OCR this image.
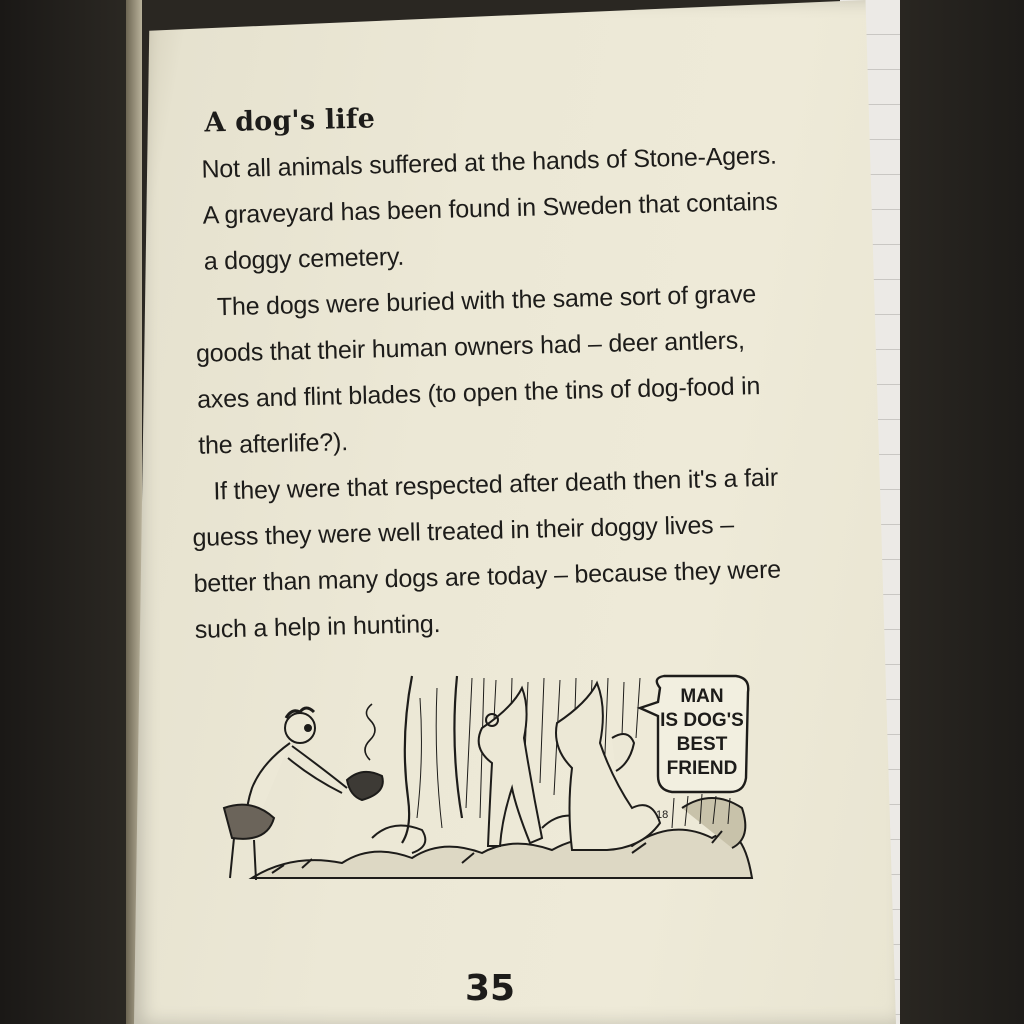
A dog's life

Not all animals suffered at the hands of Stone-Agers. A graveyard has been found in Sweden that contains a doggy cemetery.

The dogs were buried with the same sort of grave goods that their human owners had – deer antlers, axes and flint blades (to open the tins of dog-food in the afterlife?).

If they were that respected after death then it's a fair guess they were well treated in their doggy lives – better than many dogs are today – because they were such a help in hunting.

MAN
IS DOG'S
BEST
FRIEND
18
35
